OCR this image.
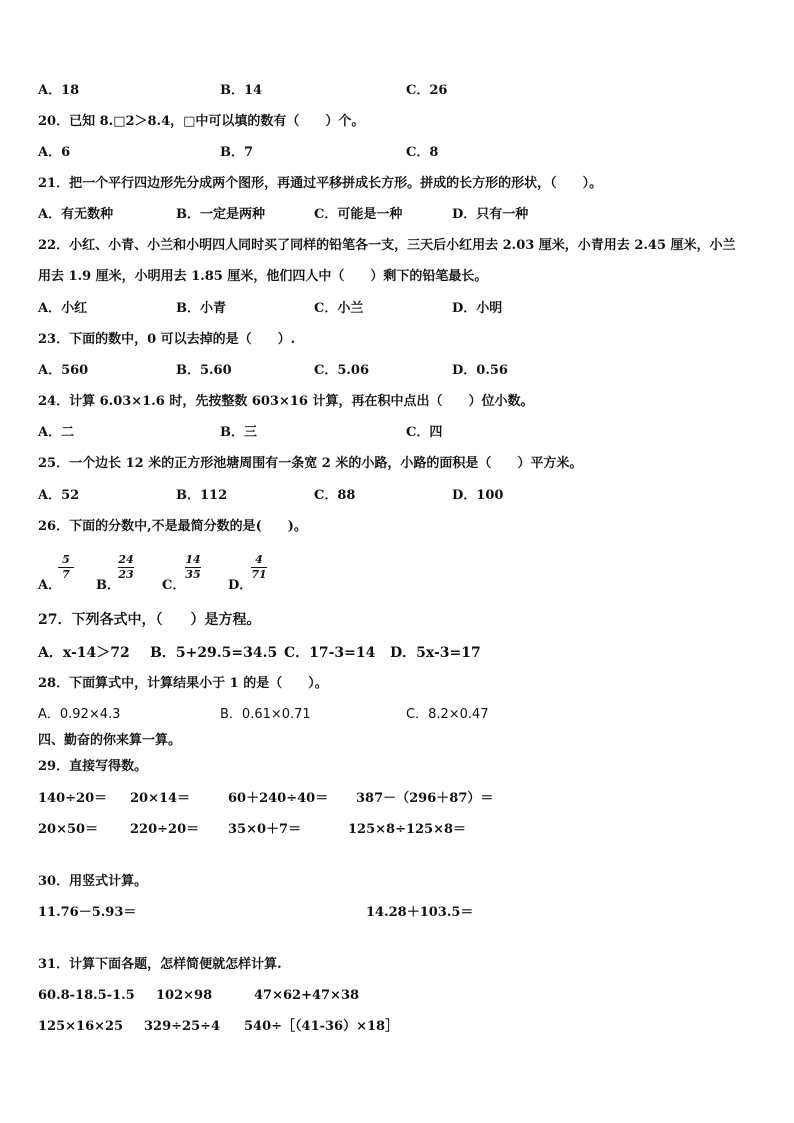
A．18	B．14	C．26
20．已知 8.□2＞8.4，□中可以填的数有（　　）个。
A．6	B．7	C．8
21．把一个平行四边形先分成两个图形，再通过平移拼成长方形。拼成的长方形的形状，（　　）。
A．有无数种	B．一定是两种	C．可能是一种	D．只有一种
22．小红、小青、小兰和小明四人同时买了同样的铅笔各一支，三天后小红用去 2.03 厘米，小青用去 2.45 厘米，小兰
用去 1.9 厘米，小明用去 1.85 厘米，他们四人中（　　）剩下的铅笔最长。
A．小红	B．小青	C．小兰	D．小明
23．下面的数中，0 可以去掉的是（　　）.
A．560	B．5.60	C．5.06	D．0.56
24．计算 6.03×1.6 时，先按整数 603×16 计算，再在积中点出（　　）位小数。
A．二	B．三	C．四
25．一个边长 12 米的正方形池塘周围有一条宽 2 米的小路，小路的面积是（　　）平方米。
A．52	B．112	C．88	D．100
26．下面的分数中,不是最简分数的是(　　)。
A．
$\frac{5}{7}$
B．
$\frac{24}{23}$
C．
$\frac{14}{35}$
D．
$\frac{4}{71}$
27．下列各式中，（　　）是方程。
A．x-14＞72 B．5+29.5=34.5 C．17-3=14 D．5x-3=17
28．下面算式中，计算结果小于 1 的是（　　）。
A．0.92×4.3	B．0.61×0.71	C．8.2×0.47
四、勤奋的你来算一算。
29．直接写得数。
140÷20＝ 20×14＝	60＋240÷40＝ 387－（296＋87）＝
20×50＝ 220÷20＝ 35×0＋7＝	125×8÷125×8＝
30．用竖式计算。
11.76－5.93＝	14.28＋103.5＝
31．计算下面各题，怎样简便就怎样计算.
60.8-18.5-1.5 102×98	47×62+47×38
125×16×25 329÷25÷4 540÷［（41-36）×18］
